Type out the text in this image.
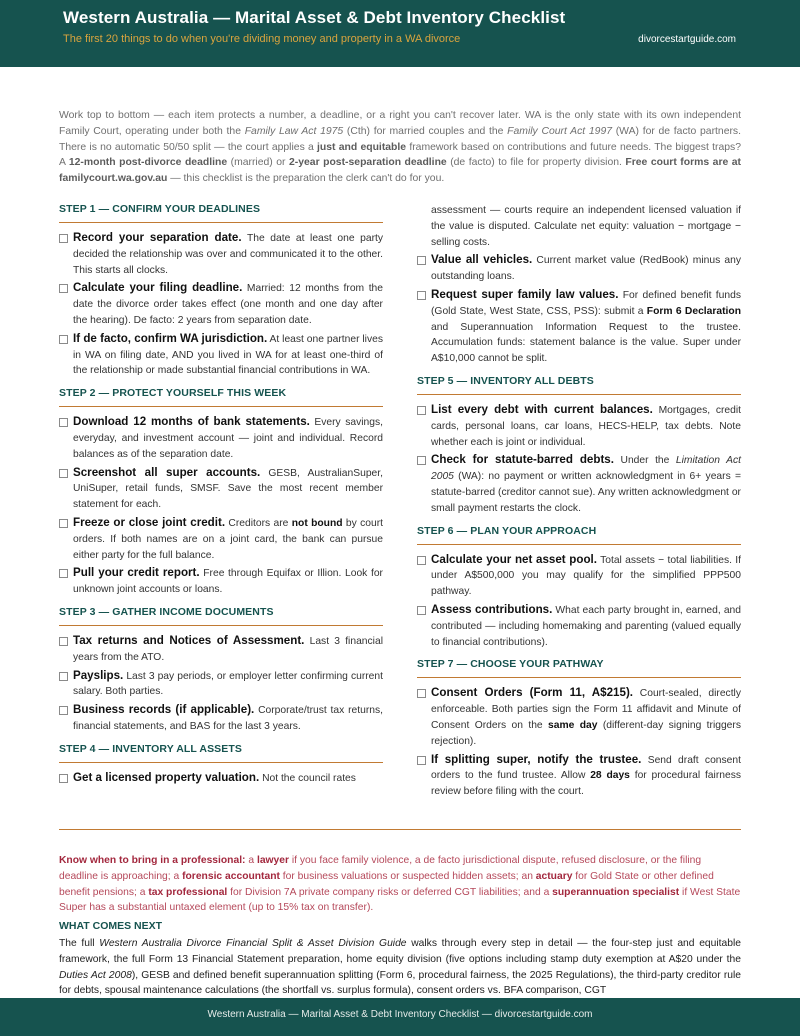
Western Australia — Marital Asset & Debt Inventory Checklist
The first 20 things to do when you're dividing money and property in a WA divorce	divorcestartguide.com
Work top to bottom — each item protects a number, a deadline, or a right you can't recover later. WA is the only state with its own independent Family Court, operating under both the Family Law Act 1975 (Cth) for married couples and the Family Court Act 1997 (WA) for de facto partners. There is no automatic 50/50 split — the court applies a just and equitable framework based on contributions and future needs. The biggest traps? A 12-month post-divorce deadline (married) or 2-year post-separation deadline (de facto) to file for property division. Free court forms are at familycourt.wa.gov.au — this checklist is the preparation the clerk can't do for you.
STEP 1 — CONFIRM YOUR DEADLINES
Record your separation date. The date at least one party decided the relationship was over and communicated it to the other. This starts all clocks.
Calculate your filing deadline. Married: 12 months from the date the divorce order takes effect (one month and one day after the hearing). De facto: 2 years from separation date.
If de facto, confirm WA jurisdiction. At least one partner lives in WA on filing date, AND you lived in WA for at least one-third of the relationship or made substantial financial contributions in WA.
STEP 2 — PROTECT YOURSELF THIS WEEK
Download 12 months of bank statements. Every savings, everyday, and investment account — joint and individual. Record balances as of the separation date.
Screenshot all super accounts. GESB, AustralianSuper, UniSuper, retail funds, SMSF. Save the most recent member statement for each.
Freeze or close joint credit. Creditors are not bound by court orders. If both names are on a joint card, the bank can pursue either party for the full balance.
Pull your credit report. Free through Equifax or Illion. Look for unknown joint accounts or loans.
STEP 3 — GATHER INCOME DOCUMENTS
Tax returns and Notices of Assessment. Last 3 financial years from the ATO.
Payslips. Last 3 pay periods, or employer letter confirming current salary. Both parties.
Business records (if applicable). Corporate/trust tax returns, financial statements, and BAS for the last 3 years.
STEP 4 — INVENTORY ALL ASSETS
Get a licensed property valuation. Not the council rates
assessment — courts require an independent licensed valuation if the value is disputed. Calculate net equity: valuation − mortgage − selling costs.
Value all vehicles. Current market value (RedBook) minus any outstanding loans.
Request super family law values. For defined benefit funds (Gold State, West State, CSS, PSS): submit a Form 6 Declaration and Superannuation Information Request to the trustee. Accumulation funds: statement balance is the value. Super under A$10,000 cannot be split.
STEP 5 — INVENTORY ALL DEBTS
List every debt with current balances. Mortgages, credit cards, personal loans, car loans, HECS-HELP, tax debts. Note whether each is joint or individual.
Check for statute-barred debts. Under the Limitation Act 2005 (WA): no payment or written acknowledgment in 6+ years = statute-barred (creditor cannot sue). Any written acknowledgment or small payment restarts the clock.
STEP 6 — PLAN YOUR APPROACH
Calculate your net asset pool. Total assets − total liabilities. If under A$500,000 you may qualify for the simplified PPP500 pathway.
Assess contributions. What each party brought in, earned, and contributed — including homemaking and parenting (valued equally to financial contributions).
STEP 7 — CHOOSE YOUR PATHWAY
Consent Orders (Form 11, A$215). Court-sealed, directly enforceable. Both parties sign the Form 11 affidavit and Minute of Consent Orders on the same day (different-day signing triggers rejection).
If splitting super, notify the trustee. Send draft consent orders to the fund trustee. Allow 28 days for procedural fairness review before filing with the court.
Know when to bring in a professional: a lawyer if you face family violence, a de facto jurisdictional dispute, refused disclosure, or the filing deadline is approaching; a forensic accountant for business valuations or suspected hidden assets; an actuary for Gold State or other defined benefit pensions; a tax professional for Division 7A private company risks or deferred CGT liabilities; and a superannuation specialist if West State Super has a substantial untaxed element (up to 15% tax on transfer).
WHAT COMES NEXT
The full Western Australia Divorce Financial Split & Asset Division Guide walks through every step in detail — the four-step just and equitable framework, the full Form 13 Financial Statement preparation, home equity division (five options including stamp duty exemption at A$20 under the Duties Act 2008), GESB and defined benefit superannuation splitting (Form 6, procedural fairness, the 2025 Regulations), the third-party creditor rule for debts, spousal maintenance calculations (the shortfall vs. surplus formula), consent orders vs. BFA comparison, CGT
Western Australia — Marital Asset & Debt Inventory Checklist — divorcestartguide.com
